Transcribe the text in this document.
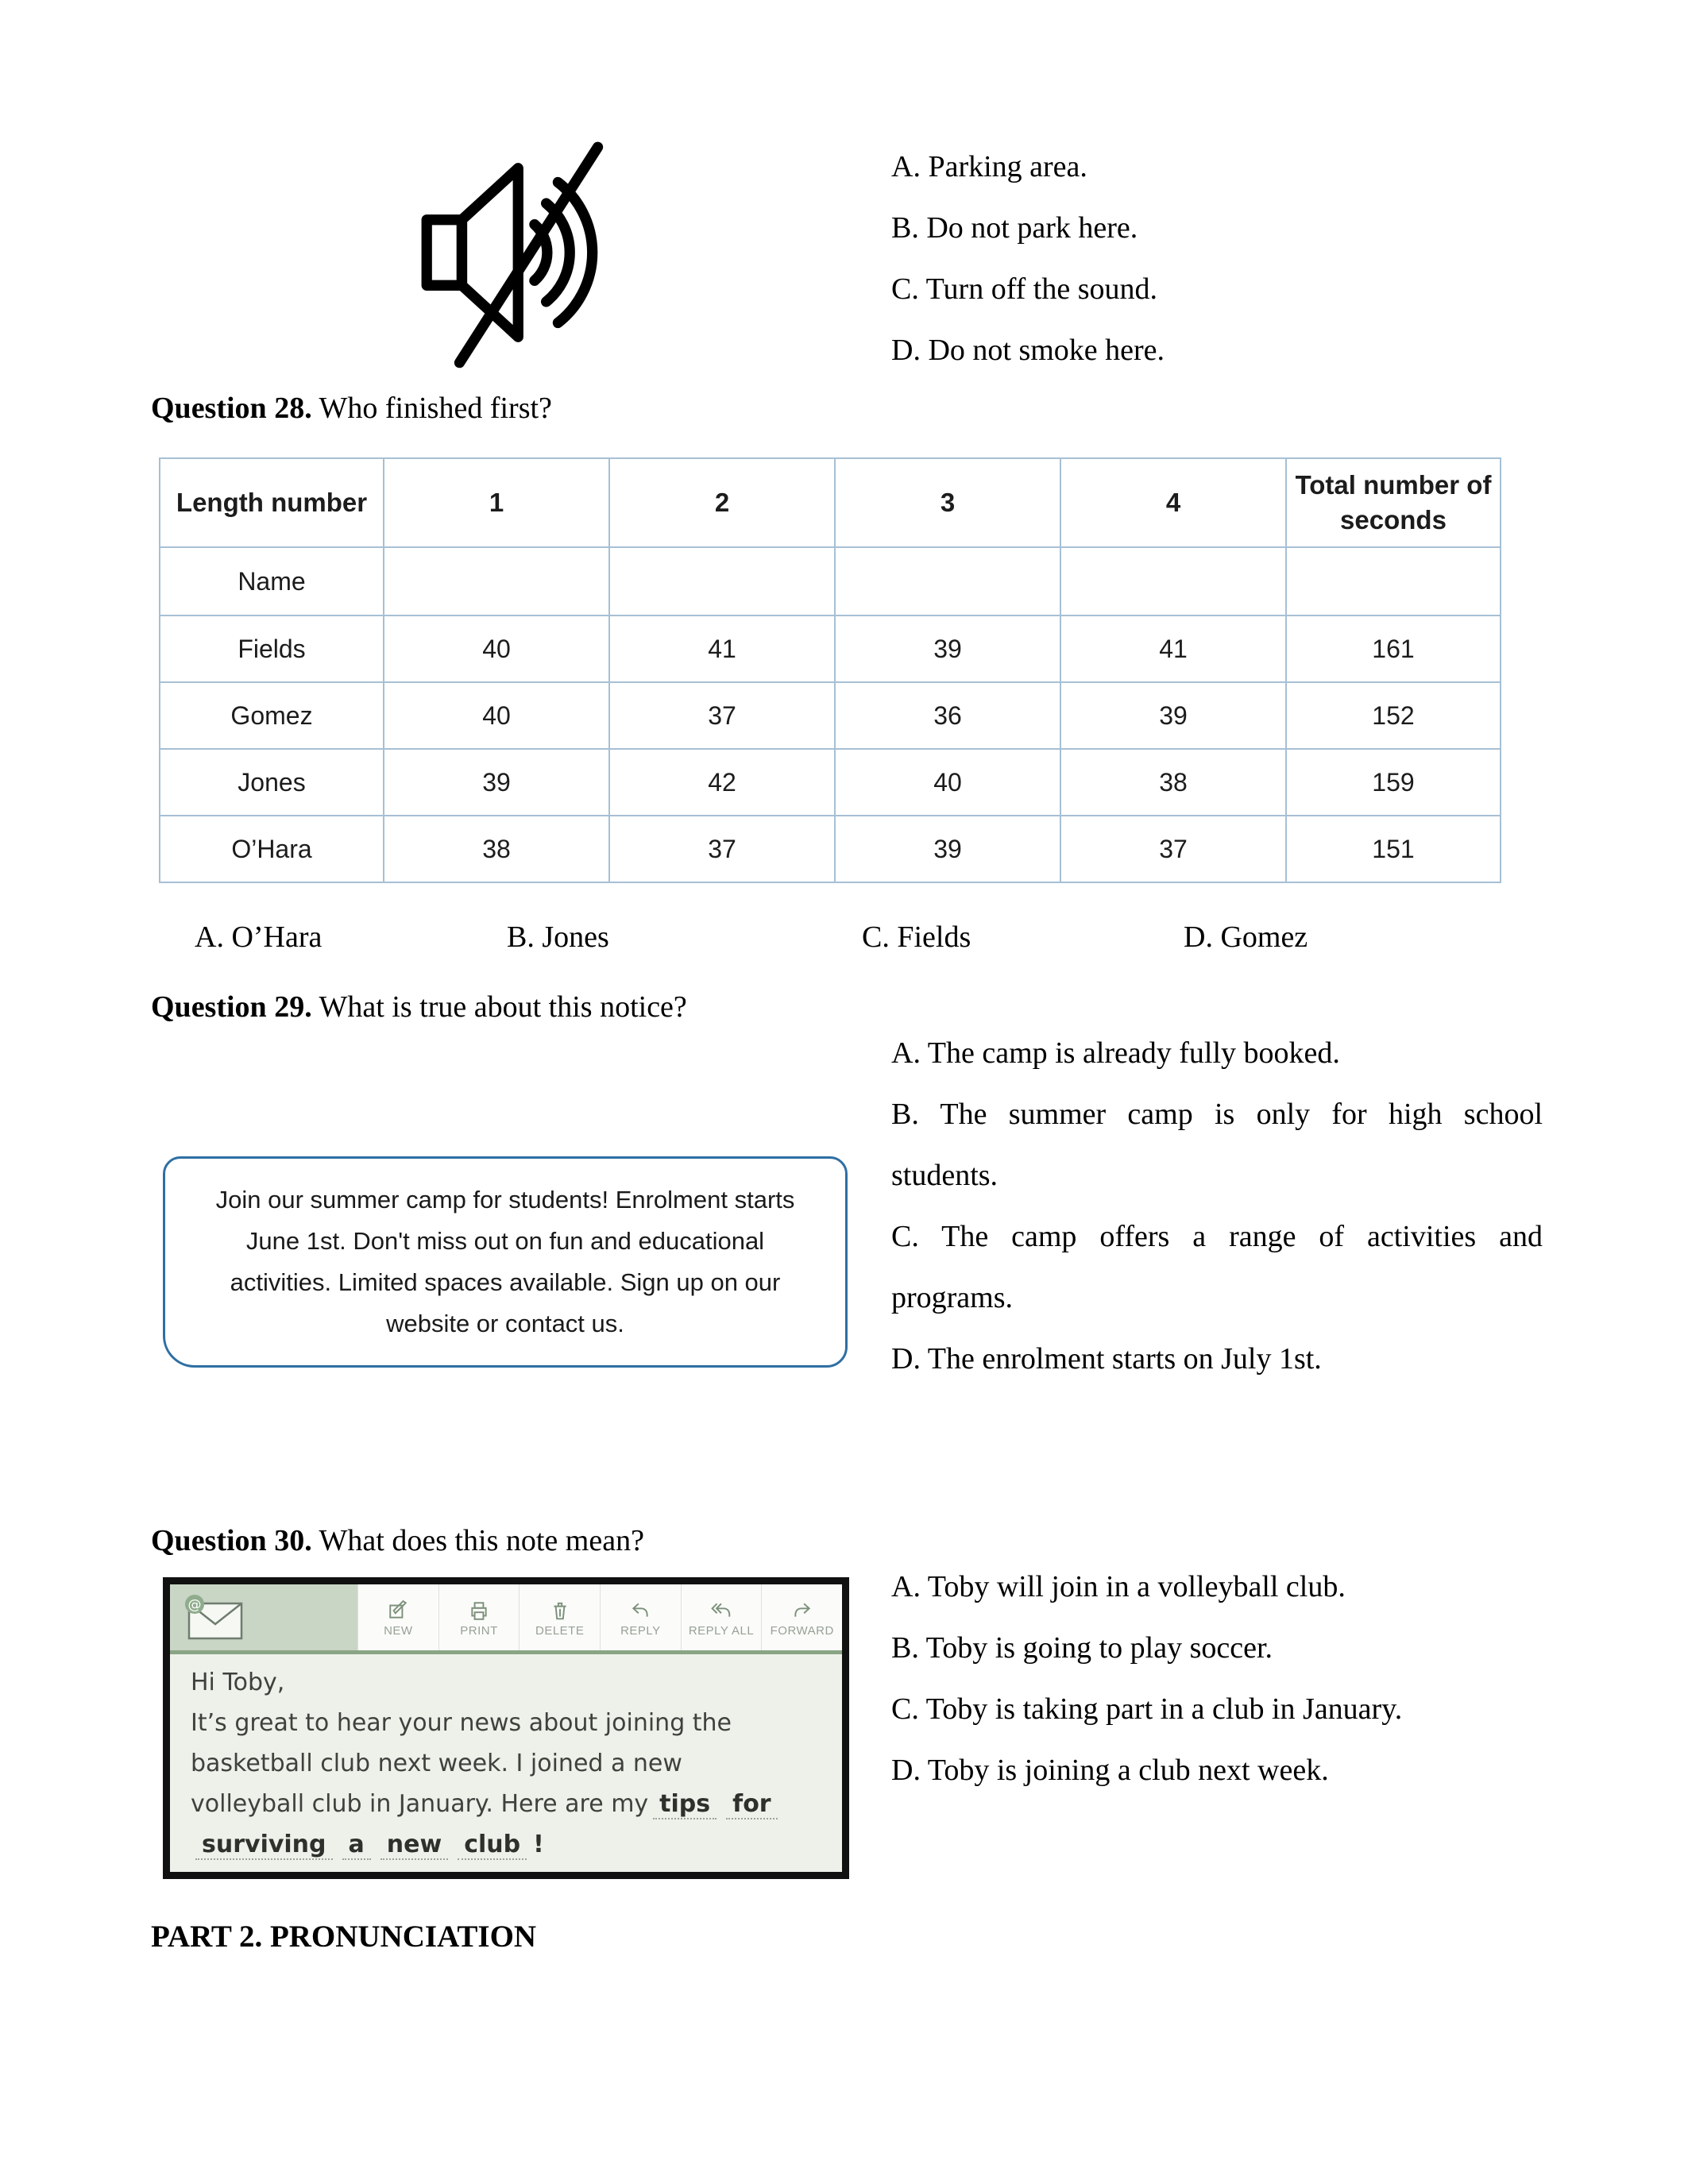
A. Parking area.
B. Do not park here.
C. Turn off the sound.
D. Do not smoke here.
Question 28. Who finished first?
Length number	1	2	3	4	Total number of seconds
Name					
Fields	40	41	39	41	161
Gomez	40	37	36	39	152
Jones	39	42	40	38	159
O’Hara	38	37	39	37	151
A. O’Hara	B. Jones	C. Fields	D. Gomez
Question 29. What is true about this notice?
Join our summer camp for students! Enrolment starts June 1st. Don't miss out on fun and educational activities. Limited spaces available. Sign up on our website or contact us.
A. The camp is already fully booked.
B. The summer camp is only for high school students.
C. The camp offers a range of activities and programs.
D. The enrolment starts on July 1st.
Question 30. What does this note mean?
@
NEW	PRINT	DELETE	REPLY REPLY ALL FORWARD
Hi Toby,
It’s great to hear your news about joining the
basketball club next week. I joined a new
volleyball club in January. Here are my tips for
surviving a new club !
A. Toby will join in a volleyball club.
B. Toby is going to play soccer.
C. Toby is taking part in a club in January.
D. Toby is joining a club next week.
PART 2. PRONUNCIATION
